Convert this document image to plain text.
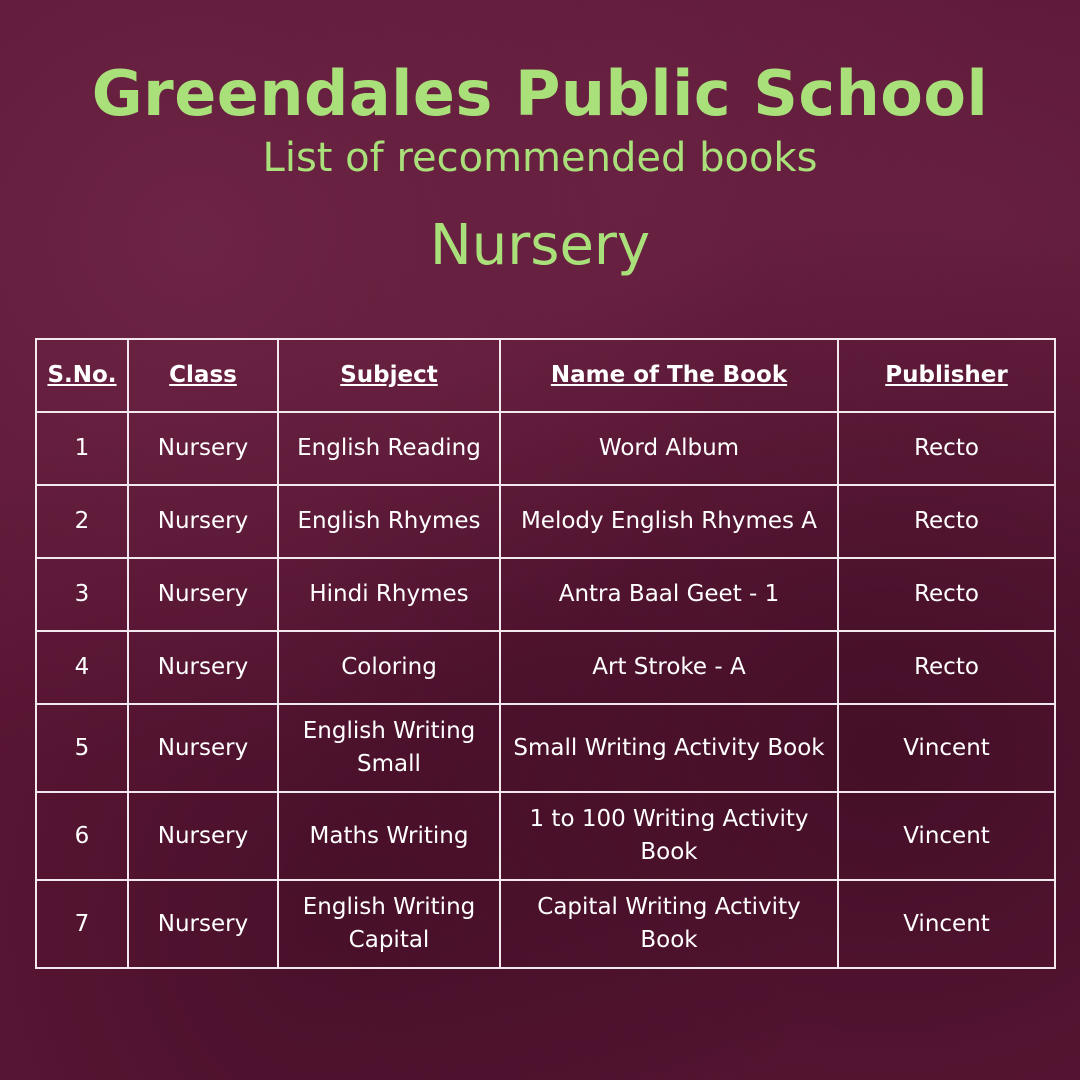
Greendales Public School
List of recommended books
Nursery
S.No.	Class	Subject	Name of The Book	Publisher
1	Nursery	English Reading	Word Album	Recto
2	Nursery	English Rhymes	Melody English Rhymes A	Recto
3	Nursery	Hindi Rhymes	Antra Baal Geet - 1	Recto
4	Nursery	Coloring	Art Stroke - A	Recto
5	Nursery	English Writing Small	Small Writing Activity Book	Vincent
6	Nursery	Maths Writing	1 to 100 Writing Activity Book	Vincent
7	Nursery	English Writing Capital	Capital Writing Activity Book	Vincent
